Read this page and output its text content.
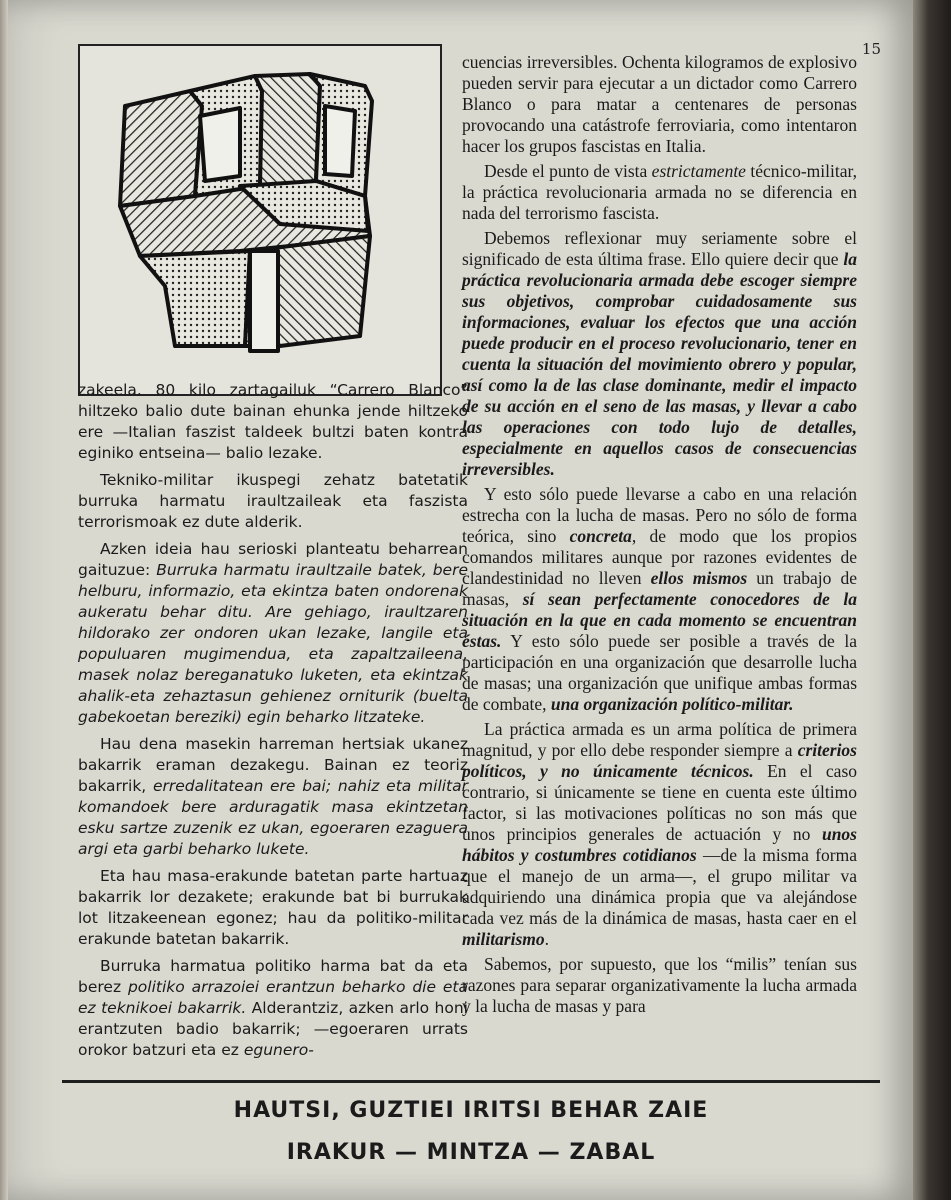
15

zakeela. 80 kilo zartagailuk “Carrero Blanco” hiltzeko balio dute bainan ehunka jende hiltzeko ere —Italian faszist taldeek bultzi baten kontra eginiko entseina— balio lezake.

Tekniko-militar ikuspegi zehatz batetatik burruka harmatu iraultzaileak eta faszista terrorismoak ez dute alderik.

Azken ideia hau serioski planteatu beharrean gaituzue: Burruka harmatu iraultzaile batek, bere helburu, informazio, eta ekintza baten ondorenak aukeratu behar ditu. Are gehiago, iraultzaren hildorako zer ondoren ukan lezake, langile eta populuaren mugimendua, eta zapaltzaileena, masek nolaz bereganatuko luketen, eta ekintzak ahalik-eta zehaztasun gehienez orniturik (buelta gabekoetan bereziki) egin beharko litzateke.

Hau dena masekin harreman hertsiak ukanez bakarrik eraman dezakegu. Bainan ez teoriz bakarrik, erredalitatean ere bai; nahiz eta militar komandoek bere arduragatik masa ekintzetan esku sartze zuzenik ez ukan, egoeraren ezaguera argi eta garbi beharko lukete.

Eta hau masa-erakunde batetan parte hartuaz bakarrik lor dezakete; erakunde bat bi burrukak lot litzakeenean egonez; hau da politiko-militar erakunde batetan bakarrik.

Burruka harmatua politiko harma bat da eta berez politiko arrazoiei erantzun beharko die eta ez teknikoei bakarrik. Alderantziz, azken arlo honi erantzuten badio bakarrik; —egoeraren urrats orokor batzuri eta ez egunero-

cuencias irreversibles. Ochenta kilogramos de explosivo pueden servir para ejecutar a un dictador como Carrero Blanco o para matar a centenares de personas provocando una catástrofe ferroviaria, como intentaron hacer los grupos fascistas en Italia.

Desde el punto de vista estrictamente técnico-militar, la práctica revolucionaria armada no se diferencia en nada del terrorismo fascista.

Debemos reflexionar muy seriamente sobre el significado de esta última frase. Ello quiere decir que la práctica revolucionaria armada debe escoger siempre sus objetivos, comprobar cuidadosamente sus informaciones, evaluar los efectos que una acción puede producir en el proceso revolucionario, tener en cuenta la situación del movimiento obrero y popular, así como la de las clase dominante, medir el impacto de su acción en el seno de las masas, y llevar a cabo las operaciones con todo lujo de detalles, especialmente en aquellos casos de consecuencias irreversibles.

Y esto sólo puede llevarse a cabo en una relación estrecha con la lucha de masas. Pero no sólo de forma teórica, sino concreta, de modo que los propios comandos militares aunque por razones evidentes de clandestinidad no lleven ellos mismos un trabajo de masas, sí sean perfectamente conocedores de la situación en la que en cada momento se encuentran éstas. Y esto sólo puede ser posible a través de la participación en una organización que desarrolle lucha de masas; una organización que unifique ambas formas de combate, una organización político-militar.

La práctica armada es un arma política de primera magnitud, y por ello debe responder siempre a criterios políticos, y no únicamente técnicos. En el caso contrario, si únicamente se tiene en cuenta este último factor, si las motivaciones políticas no son más que unos principios generales de actuación y no unos hábitos y costumbres cotidianos —de la misma forma que el manejo de un arma—, el grupo militar va adquiriendo una dinámica propia que va alejándose cada vez más de la dinámica de masas, hasta caer en el militarismo.

Sabemos, por supuesto, que los “milis” tenían sus razones para separar organizativamente la lucha armada y la lucha de masas y para

HAUTSI, GUZTIEI IRITSI BEHAR ZAIE
IRAKUR — MINTZA — ZABAL
